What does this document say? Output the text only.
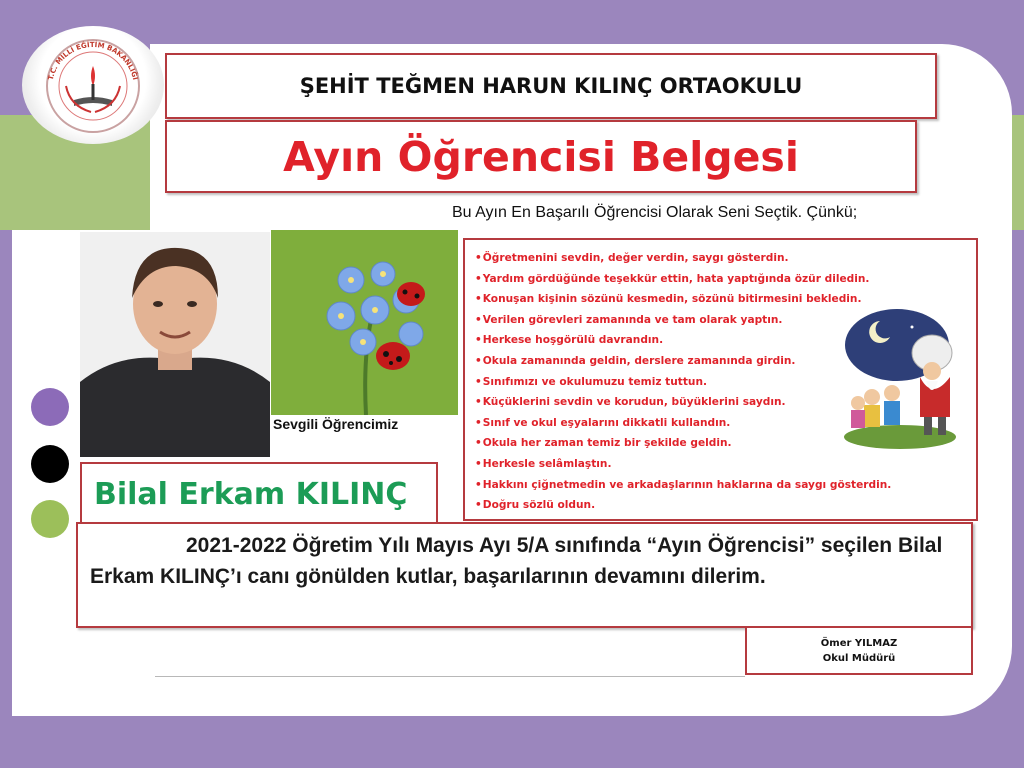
T.C. MİLLİ EĞİTİM BAKANLIĞI	ŞEHİT TEĞMEN HARUN KILINÇ ORTAOKULU
Ayın Öğrencisi Belgesi
Bu Ayın En Başarılı Öğrencisi Olarak Seni Seçtik. Çünkü;
Sevgili Öğrencimiz
• Öğretmenini sevdin, değer verdin, saygı gösterdin.
• Yardım gördüğünde teşekkür ettin, hata yaptığında özür diledin.
• Konuşan kişinin sözünü kesmedin, sözünü bitirmesini bekledin.
• Verilen görevleri zamanında ve tam olarak yaptın.
• Herkese hoşgörülü davrandın.
• Okula zamanında geldin, derslere zamanında girdin.
• Sınıfımızı ve okulumuzu temiz tuttun.
• Küçüklerini sevdin ve korudun, büyüklerini saydın.
• Sınıf ve okul eşyalarını dikkatli kullandın.
• Okula her zaman temiz bir şekilde geldin.
• Herkesle selâmlaştın.
• Hakkını çiğnetmedin ve arkadaşlarının haklarına da saygı gösterdin.
• Doğru sözlü oldun.
Bilal Erkam KILINÇ
2021-2022 Öğretim Yılı Mayıs Ayı 5/A sınıfında “Ayın Öğrencisi” seçilen Bilal Erkam KILINÇ’ı canı gönülden kutlar, başarılarının devamını dilerim.
Ömer YILMAZ
Okul Müdürü
